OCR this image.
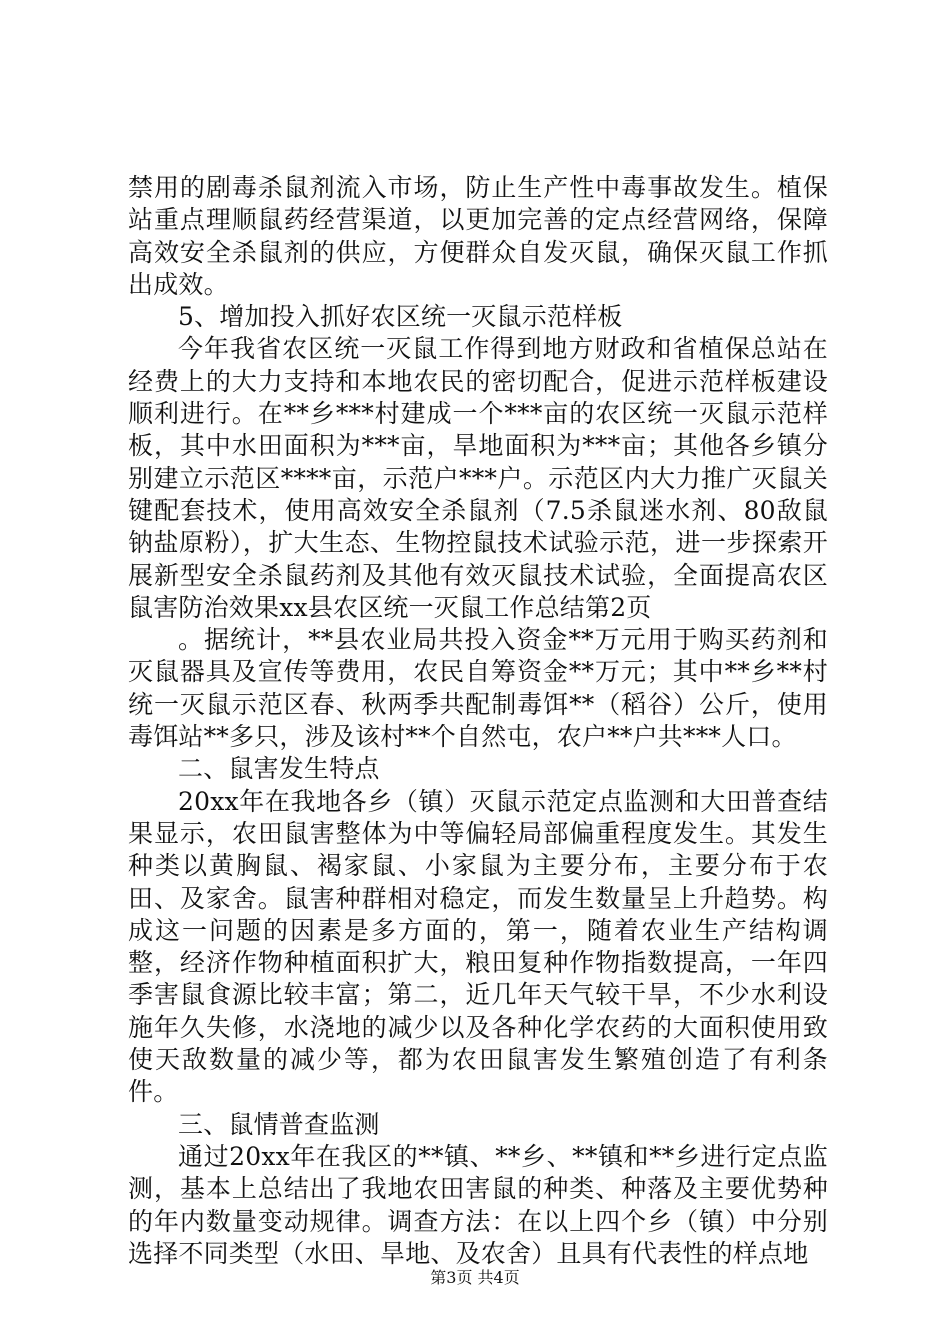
禁用的剧毒杀鼠剂流入市场，防止生产性中毒事故发生。植保站重点理顺鼠药经营渠道，以更加完善的定点经营网络，保障高效安全杀鼠剂的供应，方便群众自发灭鼠，确保灭鼠工作抓出成效。

5、增加投入抓好农区统一灭鼠示范样板

今年我省农区统一灭鼠工作得到地方财政和省植保总站在经费上的大力支持和本地农民的密切配合，促进示范样板建设顺利进行。在**乡***村建成一个***亩的农区统一灭鼠示范样板，其中水田面积为***亩，旱地面积为***亩；其他各乡镇分别建立示范区****亩，示范户***户。示范区内大力推广灭鼠关键配套技术，使用高效安全杀鼠剂（7.5杀鼠迷水剂、80敌鼠钠盐原粉），扩大生态、生物控鼠技术试验示范，进一步探索开展新型安全杀鼠药剂及其他有效灭鼠技术试验，全面提高农区鼠害防治效果xx县农区统一灭鼠工作总结第2页

。据统计，**县农业局共投入资金**万元用于购买药剂和灭鼠器具及宣传等费用，农民自筹资金**万元；其中**乡**村统一灭鼠示范区春、秋两季共配制毒饵**（稻谷）公斤，使用毒饵站**多只，涉及该村**个自然屯，农户**户共***人口。

二、鼠害发生特点

20xx年在我地各乡（镇）灭鼠示范定点监测和大田普查结果显示，农田鼠害整体为中等偏轻局部偏重程度发生。其发生种类以黄胸鼠、褐家鼠、小家鼠为主要分布，主要分布于农田、及家舍。鼠害种群相对稳定，而发生数量呈上升趋势。构成这一问题的因素是多方面的，第一，随着农业生产结构调整，经济作物种植面积扩大，粮田复种作物指数提高，一年四季害鼠食源比较丰富；第二，近几年天气较干旱，不少水利设施年久失修，水浇地的减少以及各种化学农药的大面积使用致使天敌数量的减少等，都为农田鼠害发生繁殖创造了有利条件。

三、鼠情普查监测

通过20xx年在我区的**镇、**乡、**镇和**乡进行定点监测，基本上总结出了我地农田害鼠的种类、种落及主要优势种的年内数量变动规律。调查方法：在以上四个乡（镇）中分别选择不同类型（水田、旱地、及农舍）且具有代表性的样点地

第3页 共4页
